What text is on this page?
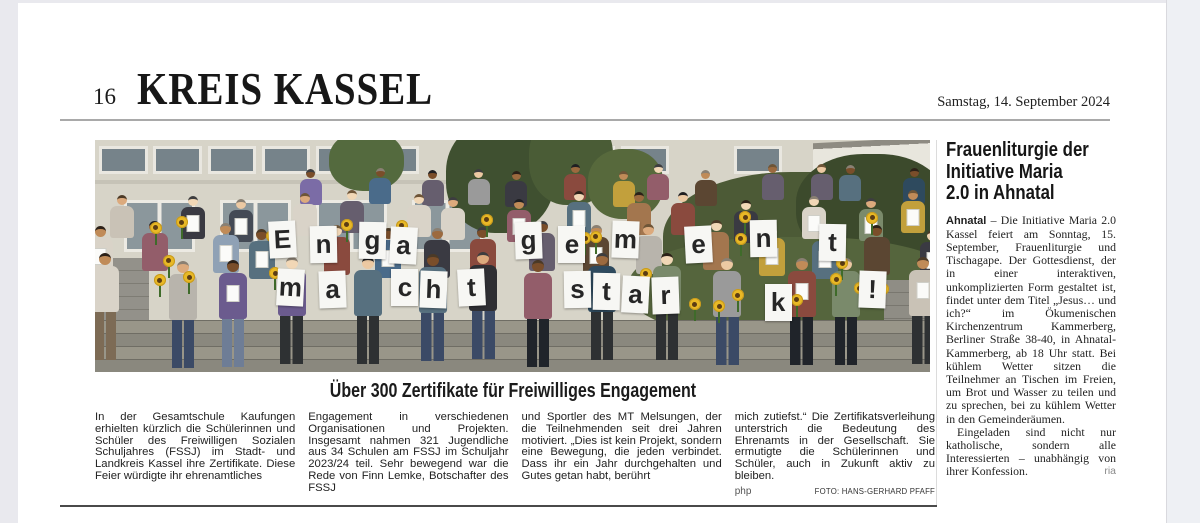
16 KREIS KASSEL	Samstag, 14. September 2024
E n g a	g e m e n	t
m a c h t	s t a r	k	!
Über 300 Zertifikate für Freiwilliges Engagement
In der Gesamtschule Kaufungen erhielten kürzlich die Schülerinnen und Schüler des Freiwilligen Sozialen Schuljahres (FSSJ) im Stadt- und Landkreis Kassel ihre Zertifikate. Diese Feier würdigte ihr ehrenamtliches
Engagement in verschiedenen Organisationen und Projekten. Insgesamt nahmen 321 Jugendliche aus 34 Schulen am FSSJ im Schuljahr 2023/24 teil. Sehr bewegend war die Rede von Finn Lemke, Botschafter des FSSJ
und Sportler des MT Melsungen, der die Teilnehmenden seit drei Jahren motiviert. „Dies ist kein Projekt, sondern eine Bewegung, die jeden verbindet. Dass ihr ein Jahr durchgehalten und Gutes getan habt, berührt
mich zutiefst.“ Die Zertifikatsverleihung unterstrich die Bedeutung des Ehrenamts in der Gesellschaft. Sie ermutigte die Schülerinnen und Schüler, auch in Zukunft aktiv zu bleiben.
php	FOTO: HANS-GERHARD PFAFF
Frauenliturgie der
Initiative Maria
2.0 in Ahnatal

Ahnatal – Die Initiative Maria 2.0 Kassel feiert am Sonntag, 15. September, Frauenliturgie und Tischagape. Der Gottesdienst, der in einer interaktiven, unkomplizierten Form gestaltet ist, findet unter dem Titel „Jesus… und ich?“ im Ökumenischen Kirchenzentrum Kammerberg, Berliner Straße 38-40, in Ahnatal-Kammerberg, ab 18 Uhr statt. Bei kühlem Wetter sitzen die Teilnehmer an Tischen im Freien, um Brot und Wasser zu teilen und zu sprechen, bei zu kühlem Wetter in den Gemeinderäumen.

Eingeladen sind nicht nur katholische, sondern alle Interessierten – unabhängig von ihrer Konfession.	ria
